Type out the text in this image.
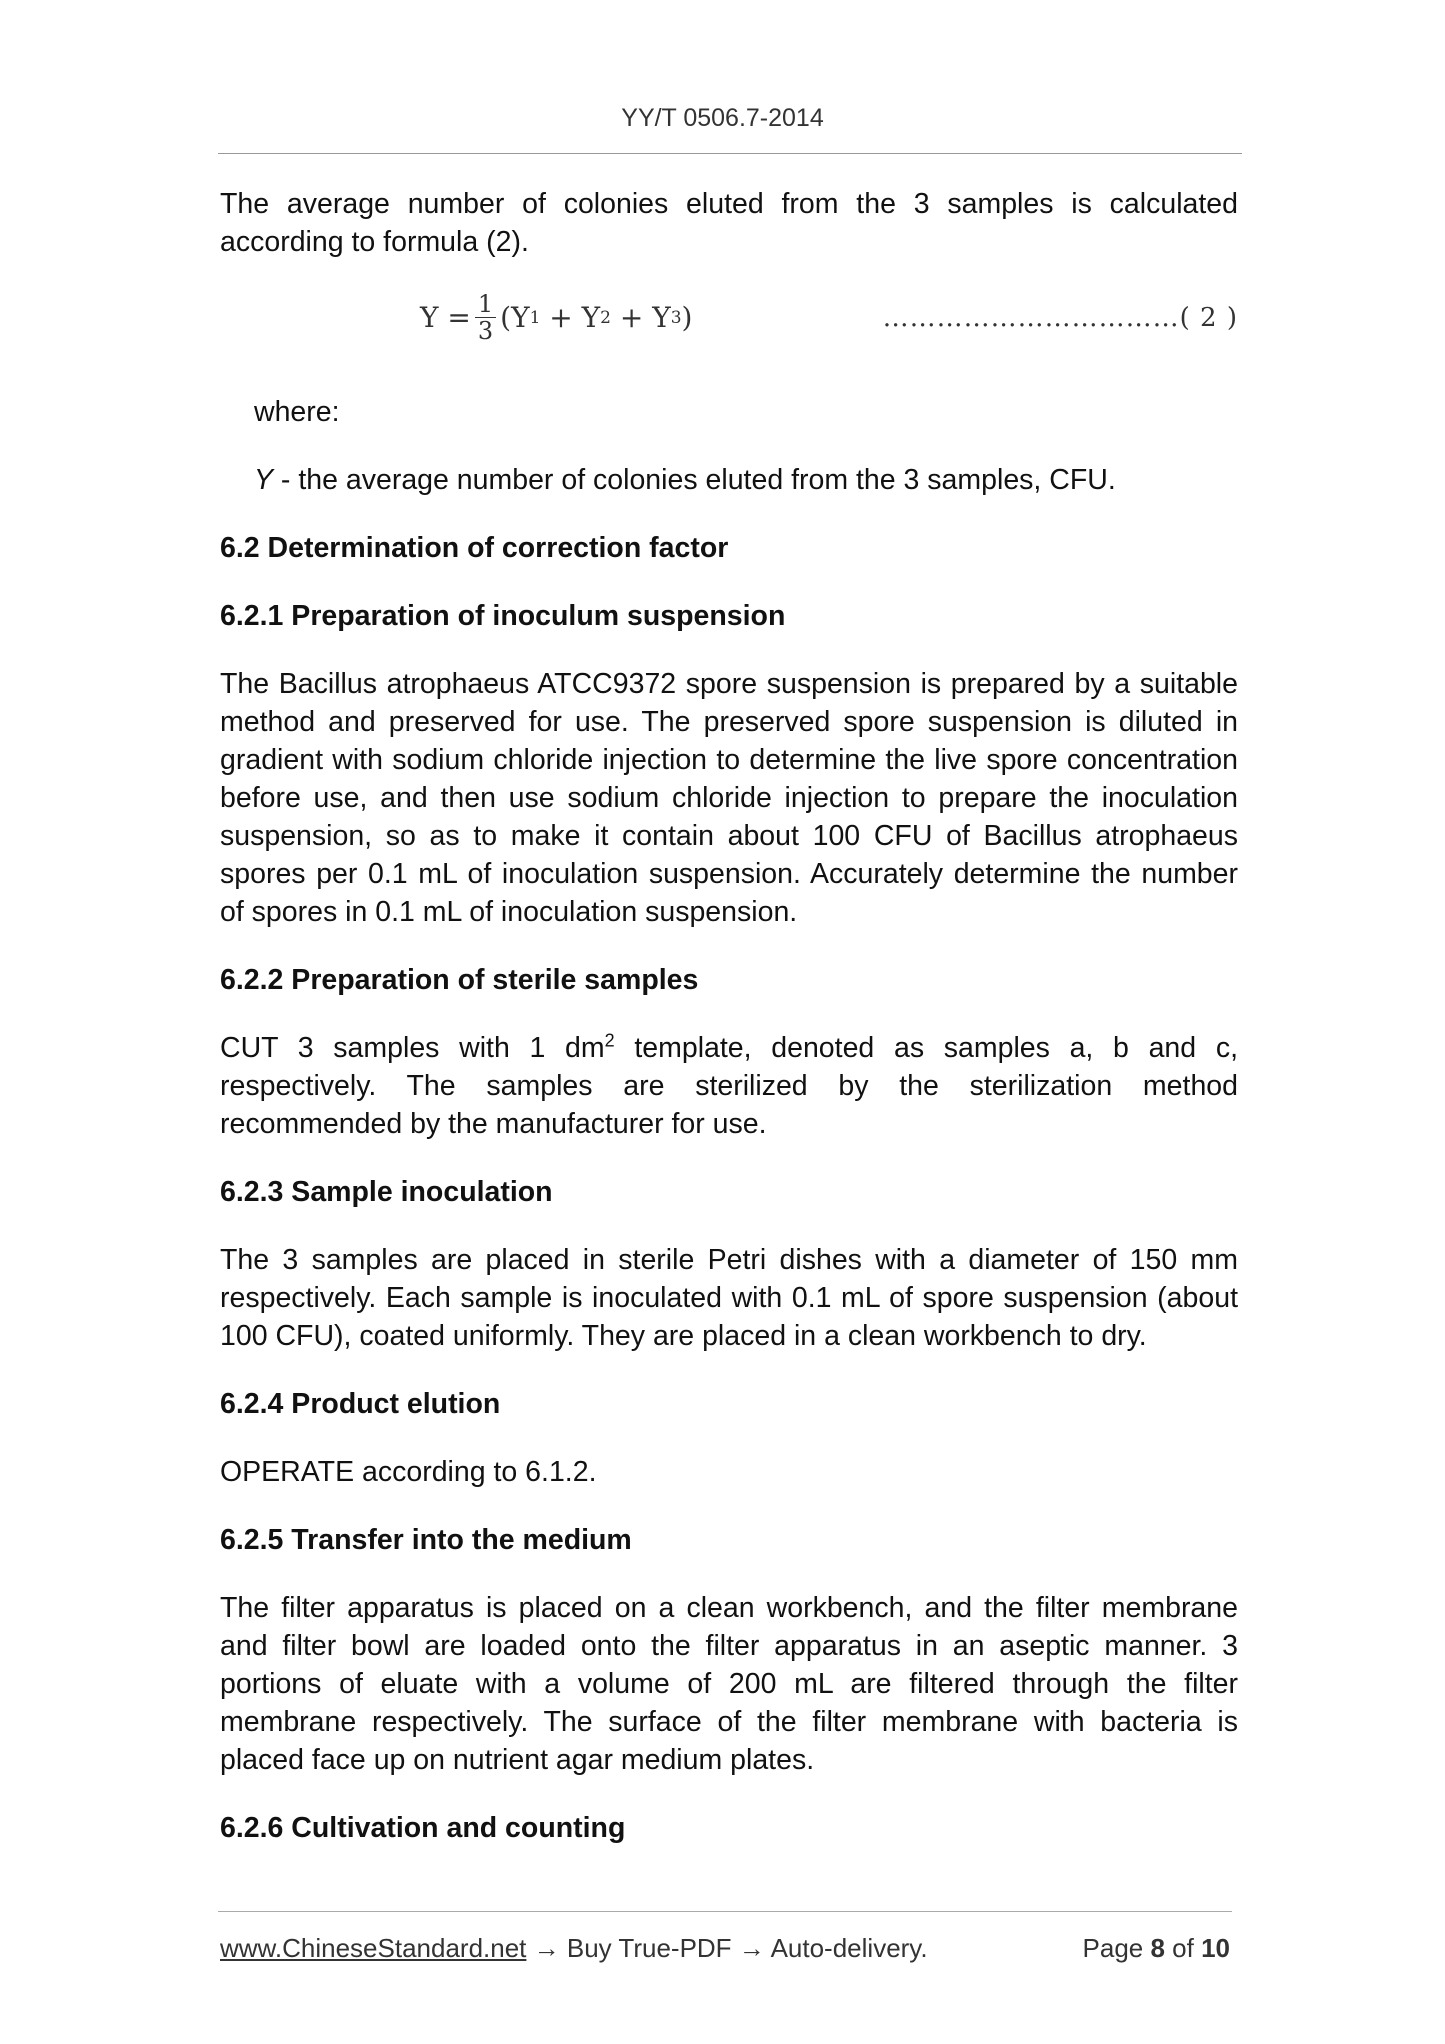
YY/T 0506.7-2014

The average number of colonies eluted from the 3 samples is calculated according to formula (2).

$Y = \frac{1}{3}$ ( Y 1 + Y 2 + Y 3 )	……………………………( 2 )

where:

Y - the average number of colonies eluted from the 3 samples, CFU.

6.2 Determination of correction factor
6.2.1 Preparation of inoculum suspension

The Bacillus atrophaeus ATCC9372 spore suspension is prepared by a suitable method and preserved for use. The preserved spore suspension is diluted in gradient with sodium chloride injection to determine the live spore concentration before use, and then use sodium chloride injection to prepare the inoculation suspension, so as to make it contain about 100 CFU of Bacillus atrophaeus spores per 0.1 mL of inoculation suspension. Accurately determine the number of spores in 0.1 mL of inoculation suspension.

6.2.2 Preparation of sterile samples

CUT 3 samples with 1 $dm^2$ template, denoted as samples a, b and c, respectively. The samples are sterilized by the sterilization method recommended by the manufacturer for use.

6.2.3 Sample inoculation

The 3 samples are placed in sterile Petri dishes with a diameter of 150 mm respectively. Each sample is inoculated with 0.1 mL of spore suspension (about 100 CFU), coated uniformly. They are placed in a clean workbench to dry.

6.2.4 Product elution

OPERATE according to 6.1.2.

6.2.5 Transfer into the medium

The filter apparatus is placed on a clean workbench, and the filter membrane and filter bowl are loaded onto the filter apparatus in an aseptic manner. 3 portions of eluate with a volume of 200 mL are filtered through the filter membrane respectively. The surface of the filter membrane with bacteria is placed face up on nutrient agar medium plates.

6.2.6 Cultivation and counting
www.ChineseStandard.net → Buy True-PDF → Auto-delivery.	Page 8 of 10
